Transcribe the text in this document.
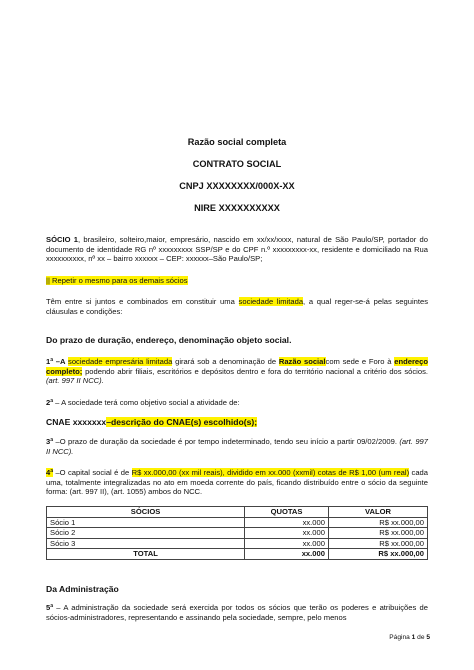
Razão social completa
CONTRATO SOCIAL
CNPJ XXXXXXXX/000X-XX
NIRE XXXXXXXXXX
SÓCIO 1, brasileiro, solteiro,maior, empresário, nascido em xx/xx/xxxx, natural de São Paulo/SP, portador do documento de identidade RG nº xxxxxxxxx SSP/SP e do CPF n.º xxxxxxxxx-xx, residente e domiciliado na Rua xxxxxxxxxx, nº xx – bairro xxxxxx – CEP: xxxxxx–São Paulo/SP;
|| Repetir o mesmo para os demais sócios
Têm entre si juntos e combinados em constituir uma sociedade limitada, a qual reger-se-á pelas seguintes cláusulas e condições:
Do prazo de duração, endereço, denominação objeto social.
1ª –A sociedade empresária limitada girará sob a denominação de Razão socialcom sede e Foro à endereço completo; podendo abrir filiais, escritórios e depósitos dentro e fora do território nacional a critério dos sócios. (art. 997 II NCC).
2ª – A sociedade terá como objetivo social a atividade de:
CNAE xxxxxxx–descrição do CNAE(s) escolhido(s);
3ª –O prazo de duração da sociedade é por tempo indeterminado, tendo seu início a partir 09/02/2009. (art. 997 II NCC).
4ª –O capital social é de R$ xx.000,00 (xx mil reais), dividido em xx.000 (xxmil) cotas de R$ 1,00 (um real) cada uma, totalmente integralizadas no ato em moeda corrente do país, ficando distribuído entre o sócio da seguinte forma: (art. 997 II), (art. 1055) ambos do NCC.
SÓCIOS	QUOTAS	VALOR
Sócio 1	xx.000	R$ xx.000,00
Sócio 2	xx.000	R$ xx.000,00
Sócio 3	xx.000	R$ xx.000,00
TOTAL	xx.000	R$ xx.000,00
Da Administração
5ª – A administração da sociedade será exercida por todos os sócios que terão os poderes e atribuições de sócios-administradores, representando e assinando pela sociedade, sempre, pelo menos
Página 1 de 5
